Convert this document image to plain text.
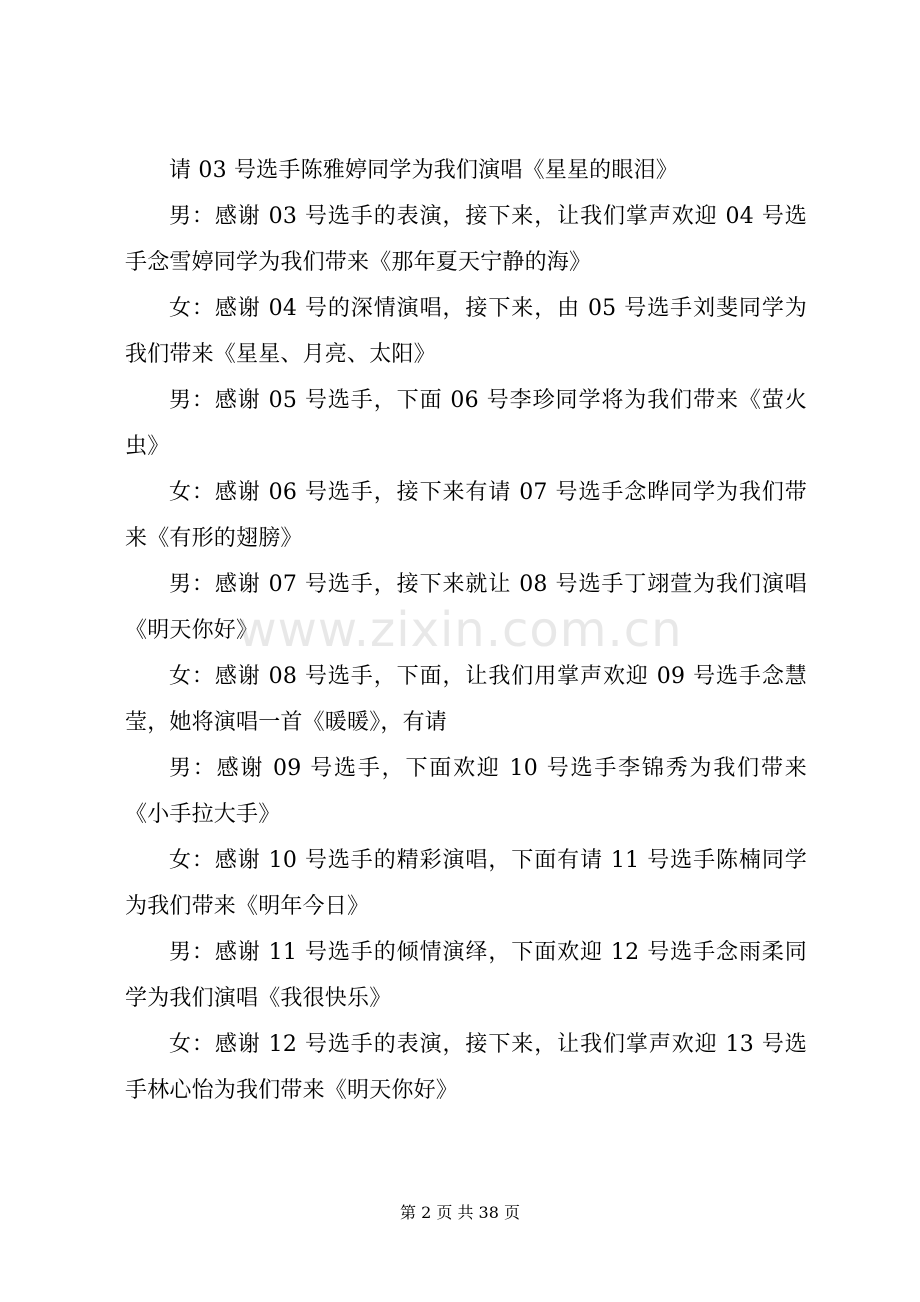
请 03 号选手陈雅婷同学为我们演唱《星星的眼泪》

男：感谢 03 号选手的表演，接下来，让我们掌声欢迎 04 号选手念雪婷同学为我们带来《那年夏天宁静的海》

女：感谢 04 号的深情演唱，接下来，由 05 号选手刘斐同学为我们带来《星星、月亮、太阳》

男：感谢 05 号选手，下面 06 号李珍同学将为我们带来《萤火虫》

女：感谢 06 号选手，接下来有请 07 号选手念晔同学为我们带来《有形的翅膀》

男：感谢 07 号选手，接下来就让 08 号选手丁翊萱为我们演唱《明天你好》

女：感谢 08 号选手，下面，让我们用掌声欢迎 09 号选手念慧莹，她将演唱一首《暖暖》，有请

男：感谢 09 号选手，下面欢迎 10 号选手李锦秀为我们带来《小手拉大手》

女：感谢 10 号选手的精彩演唱，下面有请 11 号选手陈楠同学为我们带来《明年今日》

男：感谢 11 号选手的倾情演绎，下面欢迎 12 号选手念雨柔同学为我们演唱《我很快乐》

女：感谢 12 号选手的表演，接下来，让我们掌声欢迎 13 号选手林心怡为我们带来《明天你好》

www.zixin.com.cn
第 2 页 共 38 页
